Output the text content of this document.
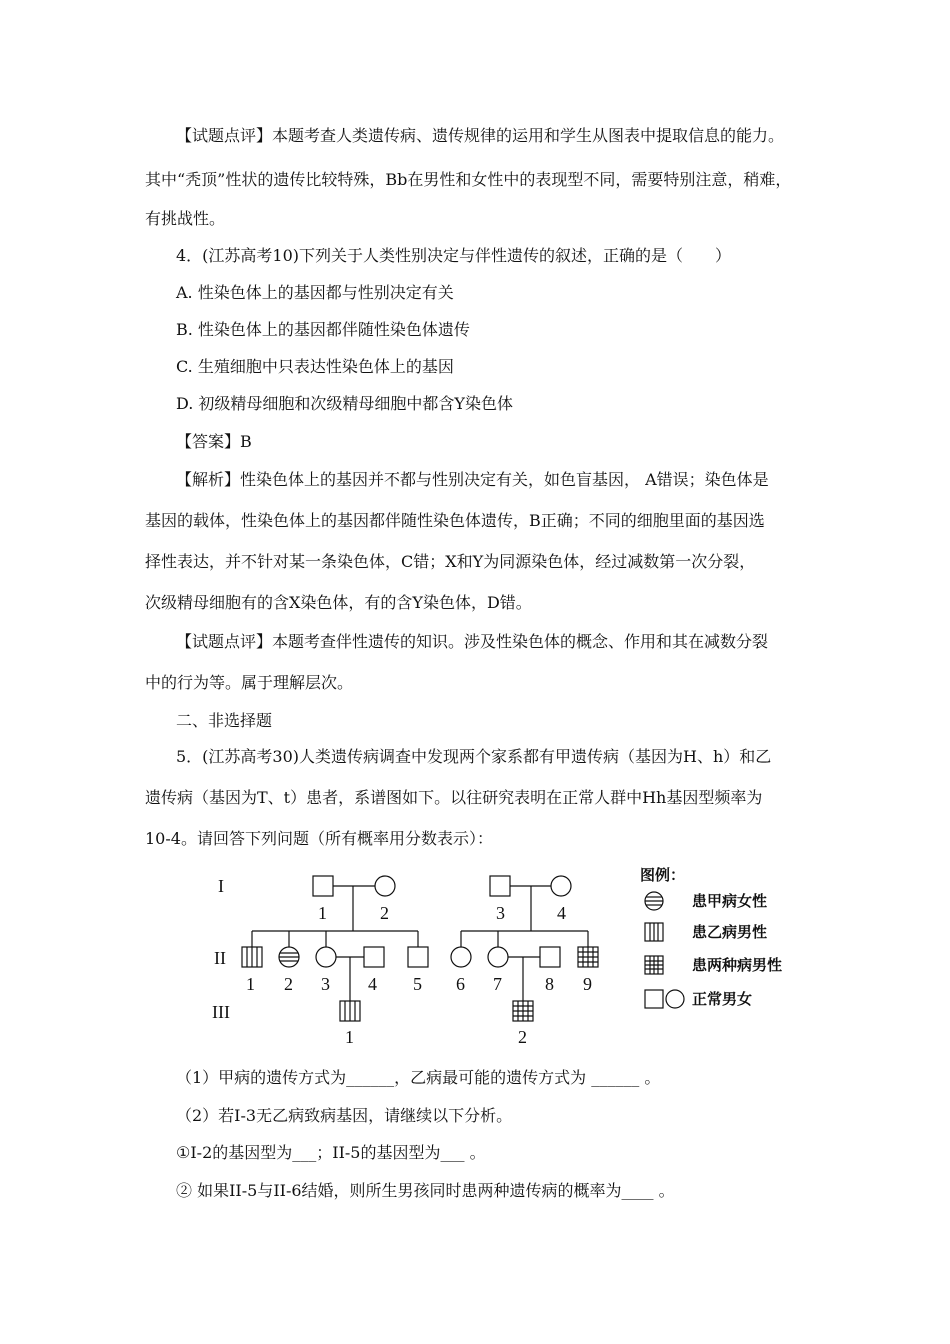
【试题点评】本题考查人类遗传病、遗传规律的运用和学生从图表中提取信息的能力。
其中“秃顶”性状的遗传比较特殊，Bb在男性和女性中的表现型不同，需要特别注意，稍难，
有挑战性。
4．(江苏高考10)下列关于人类性别决定与伴性遗传的叙述，正确的是（　　）
A. 性染色体上的基因都与性别决定有关
B. 性染色体上的基因都伴随性染色体遗传
C. 生殖细胞中只表达性染色体上的基因
D. 初级精母细胞和次级精母细胞中都含Y染色体
【答案】B
【解析】性染色体上的基因并不都与性别决定有关，如色盲基因， A错误；染色体是
基因的载体，性染色体上的基因都伴随性染色体遗传，B正确；不同的细胞里面的基因选
择性表达，并不针对某一条染色体，C错；X和Y为同源染色体，经过减数第一次分裂，
次级精母细胞有的含X染色体，有的含Y染色体，D错。
【试题点评】本题考查伴性遗传的知识。涉及性染色体的概念、作用和其在减数分裂
中的行为等。属于理解层次。
二、非选择题
5．(江苏高考30)人类遗传病调查中发现两个家系都有甲遗传病（基因为H、h）和乙
遗传病（基因为T、t）患者，系谱图如下。以往研究表明在正常人群中Hh基因型频率为
10-4。请回答下列问题（所有概率用分数表示）：
I
II
III
1	2	3	4
1 2 3 4 5 6 7 8 9
1	2
图例：
患甲病女性
患乙病男性
患两种病男性
正常男女
（1）甲病的遗传方式为______，乙病最可能的遗传方式为 ______ 。
（2）若I-3无乙病致病基因，请继续以下分析。
①I-2的基因型为___；II-5的基因型为___ 。
② 如果II-5与II-6结婚，则所生男孩同时患两种遗传病的概率为____ 。
